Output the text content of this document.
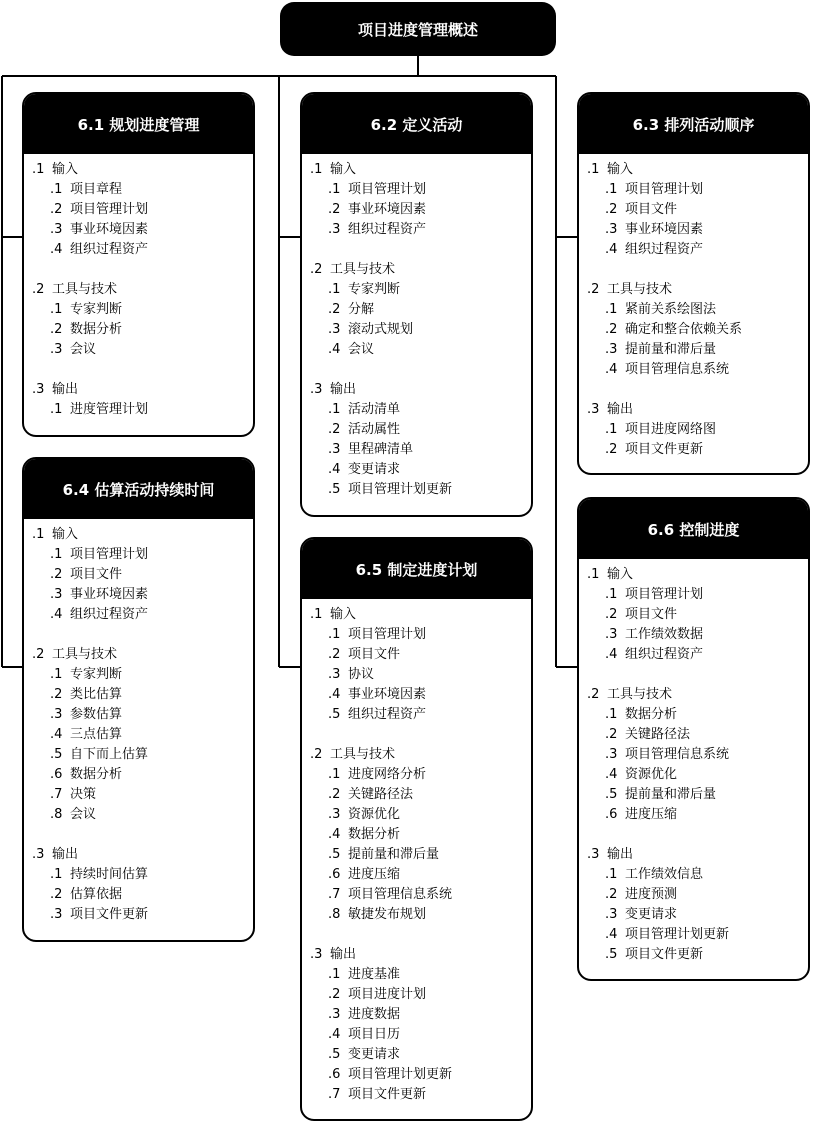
项目进度管理概述
6.1 规划进度管理
.1 输入
.1 项目章程
.2 项目管理计划
.3 事业环境因素
.4 组织过程资产
.2 工具与技术
.1 专家判断
.2 数据分析
.3 会议
.3 输出
.1 进度管理计划
6.2 定义活动
.1 输入
.1 项目管理计划
.2 事业环境因素
.3 组织过程资产
.2 工具与技术
.1 专家判断
.2 分解
.3 滚动式规划
.4 会议
.3 输出
.1 活动清单
.2 活动属性
.3 里程碑清单
.4 变更请求
.5 项目管理计划更新
6.3 排列活动顺序
.1 输入
.1 项目管理计划
.2 项目文件
.3 事业环境因素
.4 组织过程资产
.2 工具与技术
.1 紧前关系绘图法
.2 确定和整合依赖关系
.3 提前量和滞后量
.4 项目管理信息系统
.3 输出
.1 项目进度网络图
.2 项目文件更新
6.4 估算活动持续时间
.1 输入
.1 项目管理计划
.2 项目文件
.3 事业环境因素
.4 组织过程资产
.2 工具与技术
.1 专家判断
.2 类比估算
.3 参数估算
.4 三点估算
.5 自下而上估算
.6 数据分析
.7 决策
.8 会议
.3 输出
.1 持续时间估算
.2 估算依据
.3 项目文件更新
6.5 制定进度计划
.1 输入
.1 项目管理计划
.2 项目文件
.3 协议
.4 事业环境因素
.5 组织过程资产
.2 工具与技术
.1 进度网络分析
.2 关键路径法
.3 资源优化
.4 数据分析
.5 提前量和滞后量
.6 进度压缩
.7 项目管理信息系统
.8 敏捷发布规划
.3 输出
.1 进度基准
.2 项目进度计划
.3 进度数据
.4 项目日历
.5 变更请求
.6 项目管理计划更新
.7 项目文件更新
6.6 控制进度
.1 输入
.1 项目管理计划
.2 项目文件
.3 工作绩效数据
.4 组织过程资产
.2 工具与技术
.1 数据分析
.2 关键路径法
.3 项目管理信息系统
.4 资源优化
.5 提前量和滞后量
.6 进度压缩
.3 输出
.1 工作绩效信息
.2 进度预测
.3 变更请求
.4 项目管理计划更新
.5 项目文件更新
